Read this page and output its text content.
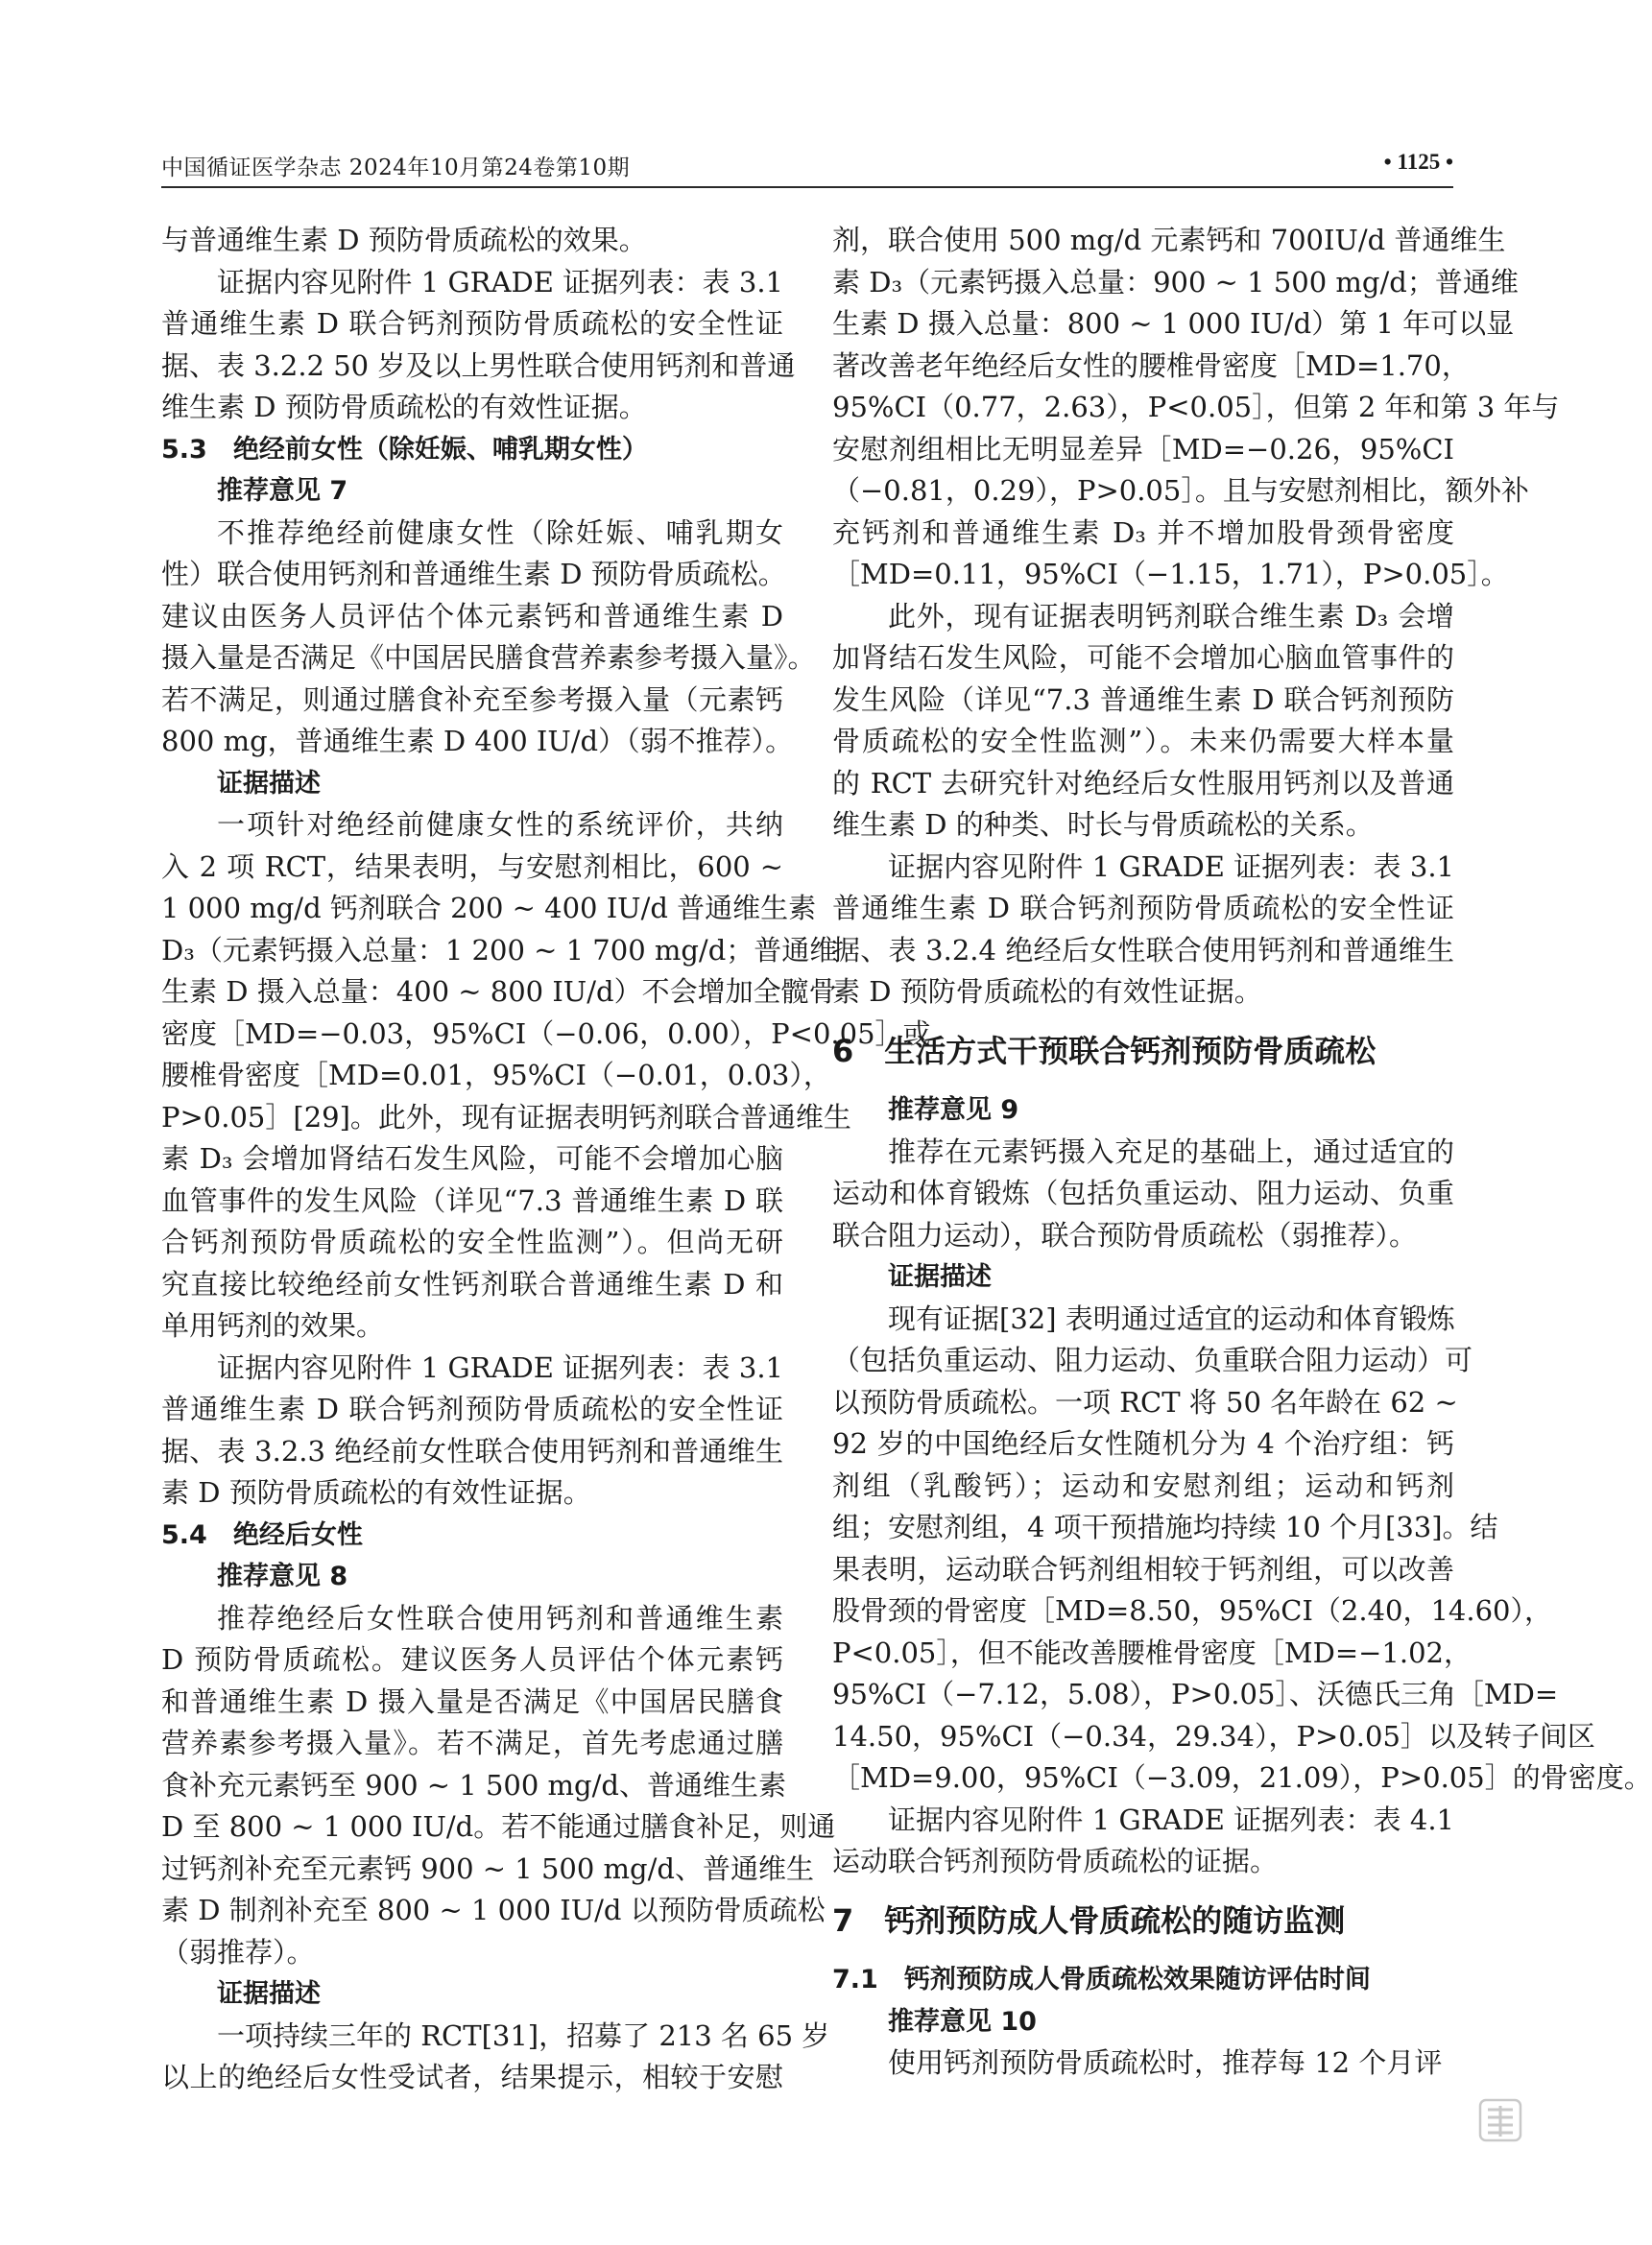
中国循证医学杂志 2024年10月第24卷第10期	• 1125 •
与普通维生素 D 预防骨质疏松的效果。
证据内容见附件 1 GRADE 证据列表：表 3.1
普通维生素 D 联合钙剂预防骨质疏松的安全性证
据、表 3.2.2 50 岁及以上男性联合使用钙剂和普通
维生素 D 预防骨质疏松的有效性证据。
5.3　绝经前女性（除妊娠、哺乳期女性）
推荐意见 7
不推荐绝经前健康女性（除妊娠、哺乳期女
性）联合使用钙剂和普通维生素 D 预防骨质疏松。
建议由医务人员评估个体元素钙和普通维生素 D
摄入量是否满足《中国居民膳食营养素参考摄入量》。
若不满足，则通过膳食补充至参考摄入量（元素钙
800 mg，普通维生素 D 400 IU/d）（弱不推荐）。
证据描述
一项针对绝经前健康女性的系统评价，共纳
入 2 项 RCT，结果表明，与安慰剂相比，600 ~
1 000 mg/d 钙剂联合 200 ~ 400 IU/d 普通维生素
D₃（元素钙摄入总量：1 200 ~ 1 700 mg/d；普通维
生素 D 摄入总量：400 ~ 800 IU/d）不会增加全髋骨
密度［MD=−0.03，95%CI（−0.06，0.00），P<0.05］或
腰椎骨密度［MD=0.01，95%CI（−0.01，0.03），
P>0.05］[29]。此外，现有证据表明钙剂联合普通维生
素 D₃ 会增加肾结石发生风险，可能不会增加心脑
血管事件的发生风险（详见“7.3 普通维生素 D 联
合钙剂预防骨质疏松的安全性监测”）。但尚无研
究直接比较绝经前女性钙剂联合普通维生素 D 和
单用钙剂的效果。
证据内容见附件 1 GRADE 证据列表：表 3.1
普通维生素 D 联合钙剂预防骨质疏松的安全性证
据、表 3.2.3 绝经前女性联合使用钙剂和普通维生
素 D 预防骨质疏松的有效性证据。
5.4　绝经后女性
推荐意见 8
推荐绝经后女性联合使用钙剂和普通维生素
D 预防骨质疏松。建议医务人员评估个体元素钙
和普通维生素 D 摄入量是否满足《中国居民膳食
营养素参考摄入量》。若不满足，首先考虑通过膳
食补充元素钙至 900 ~ 1 500 mg/d、普通维生素
D 至 800 ~ 1 000 IU/d。若不能通过膳食补足，则通
过钙剂补充至元素钙 900 ~ 1 500 mg/d、普通维生
素 D 制剂补充至 800 ~ 1 000 IU/d 以预防骨质疏松
（弱推荐）。
证据描述
一项持续三年的 RCT[31]，招募了 213 名 65 岁
以上的绝经后女性受试者，结果提示，相较于安慰
剂，联合使用 500 mg/d 元素钙和 700IU/d 普通维生
素 D₃（元素钙摄入总量：900 ~ 1 500 mg/d；普通维
生素 D 摄入总量：800 ~ 1 000 IU/d）第 1 年可以显
著改善老年绝经后女性的腰椎骨密度［MD=1.70，
95%CI（0.77，2.63），P<0.05］，但第 2 年和第 3 年与
安慰剂组相比无明显差异［MD=−0.26，95%CI
（−0.81，0.29），P>0.05］。且与安慰剂相比，额外补
充钙剂和普通维生素 D₃ 并不增加股骨颈骨密度
［MD=0.11，95%CI（−1.15，1.71），P>0.05］。
此外，现有证据表明钙剂联合维生素 D₃ 会增
加肾结石发生风险，可能不会增加心脑血管事件的
发生风险（详见“7.3 普通维生素 D 联合钙剂预防
骨质疏松的安全性监测”）。未来仍需要大样本量
的 RCT 去研究针对绝经后女性服用钙剂以及普通
维生素 D 的种类、时长与骨质疏松的关系。
证据内容见附件 1 GRADE 证据列表：表 3.1
普通维生素 D 联合钙剂预防骨质疏松的安全性证
据、表 3.2.4 绝经后女性联合使用钙剂和普通维生
素 D 预防骨质疏松的有效性证据。
6　生活方式干预联合钙剂预防骨质疏松
推荐意见 9
推荐在元素钙摄入充足的基础上，通过适宜的
运动和体育锻炼（包括负重运动、阻力运动、负重
联合阻力运动），联合预防骨质疏松（弱推荐）。
证据描述
现有证据[32] 表明通过适宜的运动和体育锻炼
（包括负重运动、阻力运动、负重联合阻力运动）可
以预防骨质疏松。一项 RCT 将 50 名年龄在 62 ~
92 岁的中国绝经后女性随机分为 4 个治疗组：钙
剂组（乳酸钙）；运动和安慰剂组；运动和钙剂
组；安慰剂组，4 项干预措施均持续 10 个月[33]。结
果表明，运动联合钙剂组相较于钙剂组，可以改善
股骨颈的骨密度［MD=8.50，95%CI（2.40，14.60），
P<0.05］，但不能改善腰椎骨密度［MD=−1.02，
95%CI（−7.12，5.08），P>0.05］、沃德氏三角［MD=
14.50，95%CI（−0.34，29.34），P>0.05］以及转子间区
［MD=9.00，95%CI（−3.09，21.09），P>0.05］的骨密度。
证据内容见附件 1 GRADE 证据列表：表 4.1
运动联合钙剂预防骨质疏松的证据。
7　钙剂预防成人骨质疏松的随访监测
7.1　钙剂预防成人骨质疏松效果随访评估时间
推荐意见 10
使用钙剂预防骨质疏松时，推荐每 12 个月评
